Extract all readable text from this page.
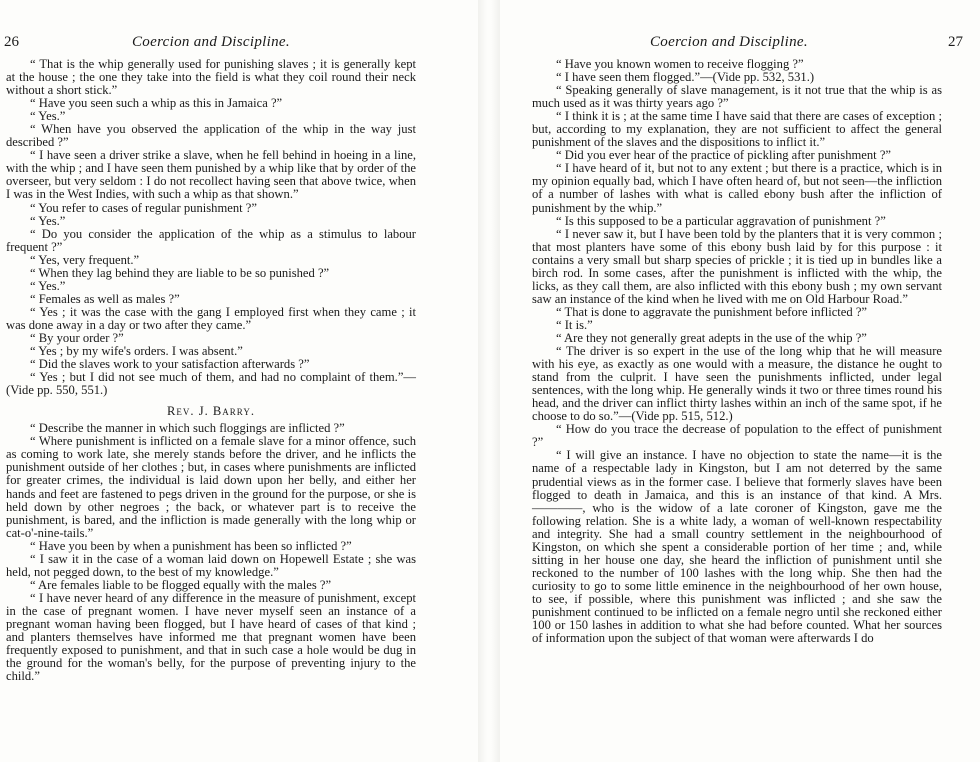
26	Coercion and Discipline.

“ That is the whip generally used for punishing slaves ; it is generally kept at the house ; the one they take into the field is what they coil round their neck without a short stick.”

“ Have you seen such a whip as this in Jamaica ?”

“ Yes.”

“ When have you observed the application of the whip in the way just described ?”

“ I have seen a driver strike a slave, when he fell behind in hoeing in a line, with the whip ; and I have seen them punished by a whip like that by order of the overseer, but very seldom : I do not recollect having seen that above twice, when I was in the West Indies, with such a whip as that shown.”

“ You refer to cases of regular punishment ?”

“ Yes.”

“ Do you consider the application of the whip as a stimulus to labour frequent ?”

“ Yes, very frequent.”

“ When they lag behind they are liable to be so punished ?”

“ Yes.”

“ Females as well as males ?”

“ Yes ; it was the case with the gang I employed first when they came ; it was done away in a day or two after they came.”

“ By your order ?”

“ Yes ; by my wife's orders. I was absent.”

“ Did the slaves work to your satisfaction afterwards ?”

“ Yes ; but I did not see much of them, and had no complaint of them.”—(Vide pp. 550, 551.)

Rev. J. Barry.

“ Describe the manner in which such floggings are inflicted ?”

“ Where punishment is inflicted on a female slave for a minor offence, such as coming to work late, she merely stands before the driver, and he inflicts the punishment outside of her clothes ; but, in cases where punishments are inflicted for greater crimes, the individual is laid down upon her belly, and either her hands and feet are fastened to pegs driven in the ground for the purpose, or she is held down by other negroes ; the back, or whatever part is to receive the punishment, is bared, and the infliction is made generally with the long whip or cat-o'-nine-tails.”

“ Have you been by when a punishment has been so inflicted ?”

“ I saw it in the case of a woman laid down on Hopewell Estate ; she was held, not pegged down, to the best of my knowledge.”

“ Are females liable to be flogged equally with the males ?”

“ I have never heard of any difference in the measure of punishment, except in the case of pregnant women. I have never myself seen an instance of a pregnant woman having been flogged, but I have heard of cases of that kind ; and planters themselves have informed me that pregnant women have been frequently exposed to punishment, and that in such case a hole would be dug in the ground for the woman's belly, for the purpose of preventing injury to the child.”

Coercion and Discipline.	27

“ Have you known women to receive flogging ?”

“ I have seen them flogged.”—(Vide pp. 532, 531.)

“ Speaking generally of slave management, is it not true that the whip is as much used as it was thirty years ago ?”

“ I think it is ; at the same time I have said that there are cases of exception ; but, according to my explanation, they are not sufficient to affect the general punishment of the slaves and the dispositions to inflict it.”

“ Did you ever hear of the practice of pickling after punishment ?”

“ I have heard of it, but not to any extent ; but there is a practice, which is in my opinion equally bad, which I have often heard of, but not seen—the infliction of a number of lashes with what is called ebony bush after the infliction of punishment by the whip.”

“ Is this supposed to be a particular aggravation of punishment ?”

“ I never saw it, but I have been told by the planters that it is very common ; that most planters have some of this ebony bush laid by for this purpose : it contains a very small but sharp species of prickle ; it is tied up in bundles like a birch rod. In some cases, after the punishment is inflicted with the whip, the licks, as they call them, are also inflicted with this ebony bush ; my own servant saw an instance of the kind when he lived with me on Old Harbour Road.”

“ That is done to aggravate the punishment before inflicted ?”

“ It is.”

“ Are they not generally great adepts in the use of the whip ?”

“ The driver is so expert in the use of the long whip that he will measure with his eye, as exactly as one would with a measure, the distance he ought to stand from the culprit. I have seen the punishments inflicted, under legal sentences, with the long whip. He generally winds it two or three times round his head, and the driver can inflict thirty lashes within an inch of the same spot, if he choose to do so.”—(Vide pp. 515, 512.)

“ How do you trace the decrease of population to the effect of punishment ?”

“ I will give an instance. I have no objection to state the name—it is the name of a respectable lady in Kingston, but I am not deterred by the same prudential views as in the former case. I believe that formerly slaves have been flogged to death in Jamaica, and this is an instance of that kind. A Mrs. ————, who is the widow of a late coroner of Kingston, gave me the following relation. She is a white lady, a woman of well-known respectability and integrity. She had a small country settlement in the neighbourhood of Kingston, on which she spent a considerable portion of her time ; and, while sitting in her house one day, she heard the infliction of punishment until she reckoned to the number of 100 lashes with the long whip. She then had the curiosity to go to some little eminence in the neighbourhood of her own house, to see, if possible, where this punishment was inflicted ; and she saw the punishment continued to be inflicted on a female negro until she reckoned either 100 or 150 lashes in addition to what she had before counted. What her sources of information upon the subject of that woman were afterwards I do
